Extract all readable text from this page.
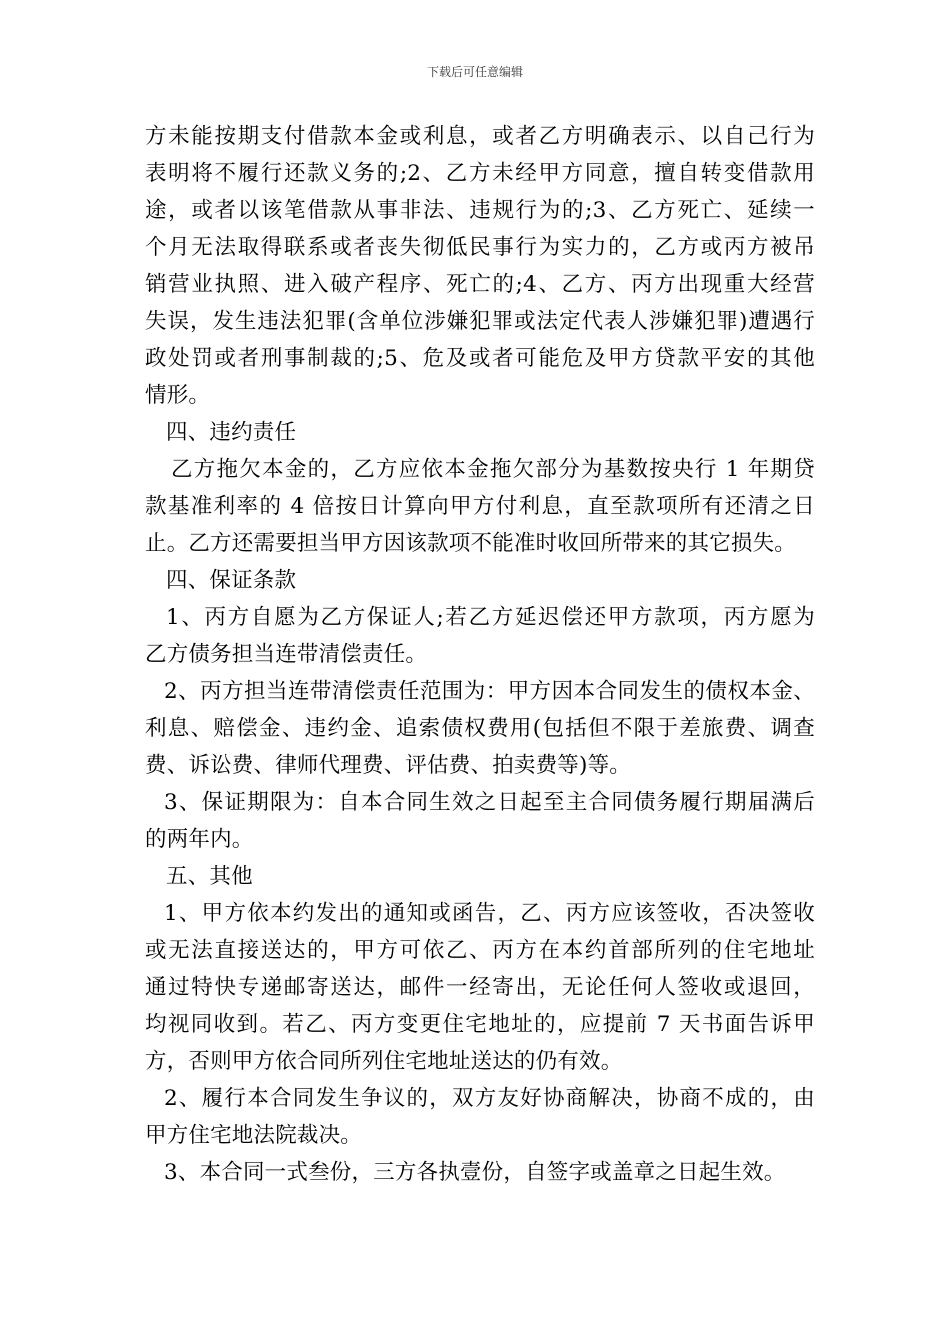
下载后可任意编辑
方未能按期支付借款本金或利息，或者乙方明确表示、以自己行为
表明将不履行还款义务的;2、乙方未经甲方同意，擅自转变借款用
途，或者以该笔借款从事非法、违规行为的;3、乙方死亡、延续一
个月无法取得联系或者丧失彻低民事行为实力的，乙方或丙方被吊
销营业执照、进入破产程序、死亡的;4、乙方、丙方出现重大经营
失误，发生违法犯罪(含单位涉嫌犯罪或法定代表人涉嫌犯罪)遭遇行
政处罚或者刑事制裁的;5、危及或者可能危及甲方贷款平安的其他
情形。
四、违约责任
乙方拖欠本金的，乙方应依本金拖欠部分为基数按央行 1 年期贷
款基准利率的 4 倍按日计算向甲方付利息，直至款项所有还清之日
止。乙方还需要担当甲方因该款项不能准时收回所带来的其它损失。
四、保证条款
1、丙方自愿为乙方保证人;若乙方延迟偿还甲方款项，丙方愿为
乙方债务担当连带清偿责任。
2、丙方担当连带清偿责任范围为：甲方因本合同发生的债权本金、
利息、赔偿金、违约金、追索债权费用(包括但不限于差旅费、调查
费、诉讼费、律师代理费、评估费、拍卖费等)等。
3、保证期限为：自本合同生效之日起至主合同债务履行期届满后
的两年内。
五、其他
1、甲方依本约发出的通知或函告，乙、丙方应该签收，否决签收
或无法直接送达的，甲方可依乙、丙方在本约首部所列的住宅地址
通过特快专递邮寄送达，邮件一经寄出，无论任何人签收或退回，
均视同收到。若乙、丙方变更住宅地址的，应提前 7 天书面告诉甲
方，否则甲方依合同所列住宅地址送达的仍有效。
2、履行本合同发生争议的，双方友好协商解决，协商不成的，由
甲方住宅地法院裁决。
3、本合同一式叁份，三方各执壹份，自签字或盖章之日起生效。
